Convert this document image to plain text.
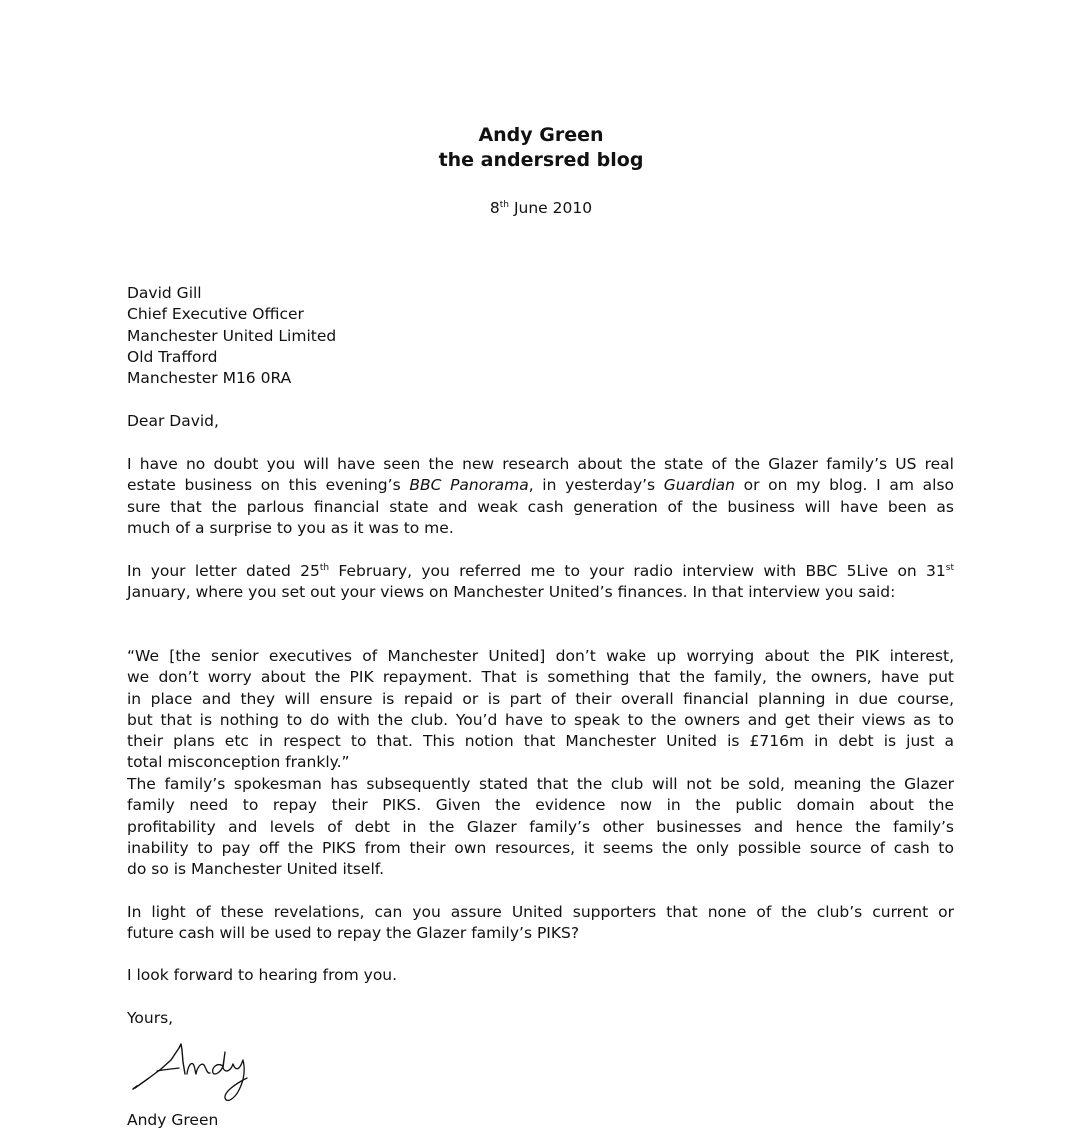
Andy Green
the andersred blog
8th June 2010
David Gill
Chief Executive Officer
Manchester United Limited
Old Trafford
Manchester M16 0RA
Dear David,
I have no doubt you will have seen the new research about the state of the Glazer family’s US real
estate business on this evening’s BBC Panorama, in yesterday’s Guardian or on my blog. I am also
sure that the parlous financial state and weak cash generation of the business will have been as
much of a surprise to you as it was to me.
In your letter dated 25th February, you referred me to your radio interview with BBC 5Live on 31st
January, where you set out your views on Manchester United’s finances. In that interview you said:
“We [the senior executives of Manchester United] don’t wake up worrying about the PIK interest,
we don’t worry about the PIK repayment. That is something that the family, the owners, have put
in place and they will ensure is repaid or is part of their overall financial planning in due course,
but that is nothing to do with the club. You’d have to speak to the owners and get their views as to
their plans etc in respect to that. This notion that Manchester United is £716m in debt is just a
total misconception frankly.”
The family’s spokesman has subsequently stated that the club will not be sold, meaning the Glazer
family need to repay their PIKS. Given the evidence now in the public domain about the
profitability and levels of debt in the Glazer family’s other businesses and hence the family’s
inability to pay off the PIKS from their own resources, it seems the only possible source of cash to
do so is Manchester United itself.
In light of these revelations, can you assure United supporters that none of the club’s current or
future cash will be used to repay the Glazer family’s PIKS?
I look forward to hearing from you.
Yours,
Andy Green
